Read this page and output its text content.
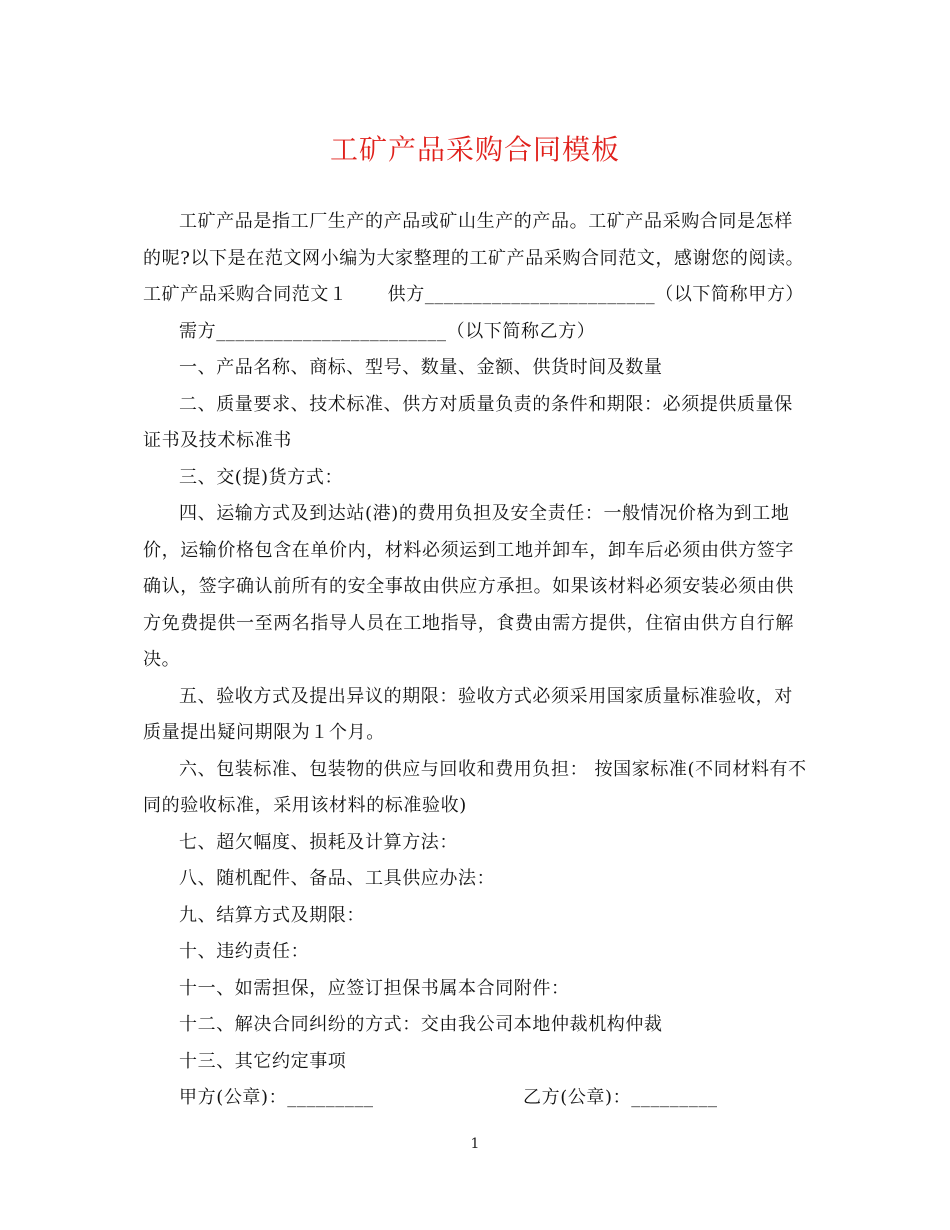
工矿产品采购合同模板

工矿产品是指工厂生产的产品或矿山生产的产品。工矿产品采购合同是怎样的呢?以下是在范文网小编为大家整理的工矿产品采购合同范文，感谢您的阅读。

工矿产品采购合同范文１ 供方________________________（以下简称甲方）

需方________________________（以下简称乙方）

一、产品名称、商标、型号、数量、金额、供货时间及数量

二、质量要求、技术标准、供方对质量负责的条件和期限：必须提供质量保证书及技术标准书

三、交(提)货方式：

四、运输方式及到达站(港)的费用负担及安全责任：一般情况价格为到工地价，运输价格包含在单价内，材料必须运到工地并卸车，卸车后必须由供方签字确认，签字确认前所有的安全事故由供应方承担。如果该材料必须安装必须由供方免费提供一至两名指导人员在工地指导，食费由需方提供，住宿由供方自行解决。

五、验收方式及提出异议的期限：验收方式必须采用国家质量标准验收，对质量提出疑问期限为１个月。

六、包装标准、包装物的供应与回收和费用负担： 按国家标准(不同材料有不同的验收标准，采用该材料的标准验收)

七、超欠幅度、损耗及计算方法：

八、随机配件、备品、工具供应办法：

九、结算方式及期限：

十、违约责任：

十一、如需担保，应签订担保书属本合同附件：

十二、解决合同纠纷的方式：交由我公司本地仲裁机构仲裁

十三、其它约定事项

甲方(公章)：_________	乙方(公章)：_________
1
